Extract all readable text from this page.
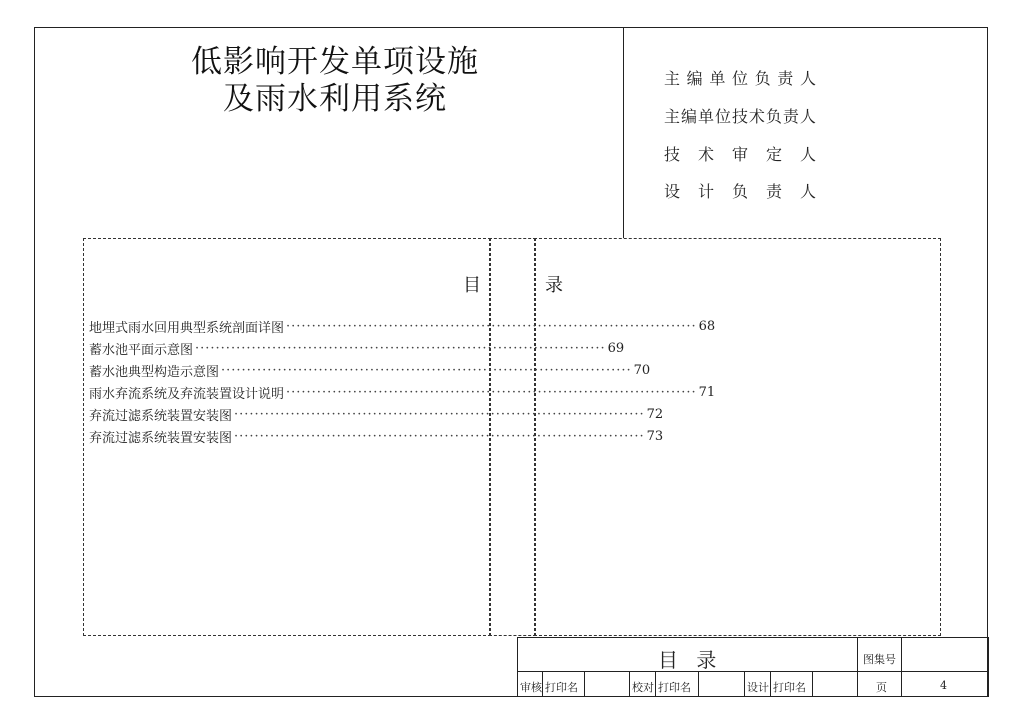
低影响开发单项设施
及雨水利用系统
主 编 单 位 负 责 人
主 编 单 位 技 术 负 责 人
技 术 审 定 人
设 计 负 责 人
目	录
地埋式雨水回用典型系统剖面详图 ················································································ 68
蓄水池平面示意图 ················································································ 69
蓄水池典型构造示意图 ················································································ 70
雨水弃流系统及弃流装置设计说明 ················································································ 71
弃流过滤系统装置安装图 ················································································ 72
弃流过滤系统装置安装图 ················································································ 73
目 录	图集号
审核 打印名	校对 打印名	设计 打印名	页	4
